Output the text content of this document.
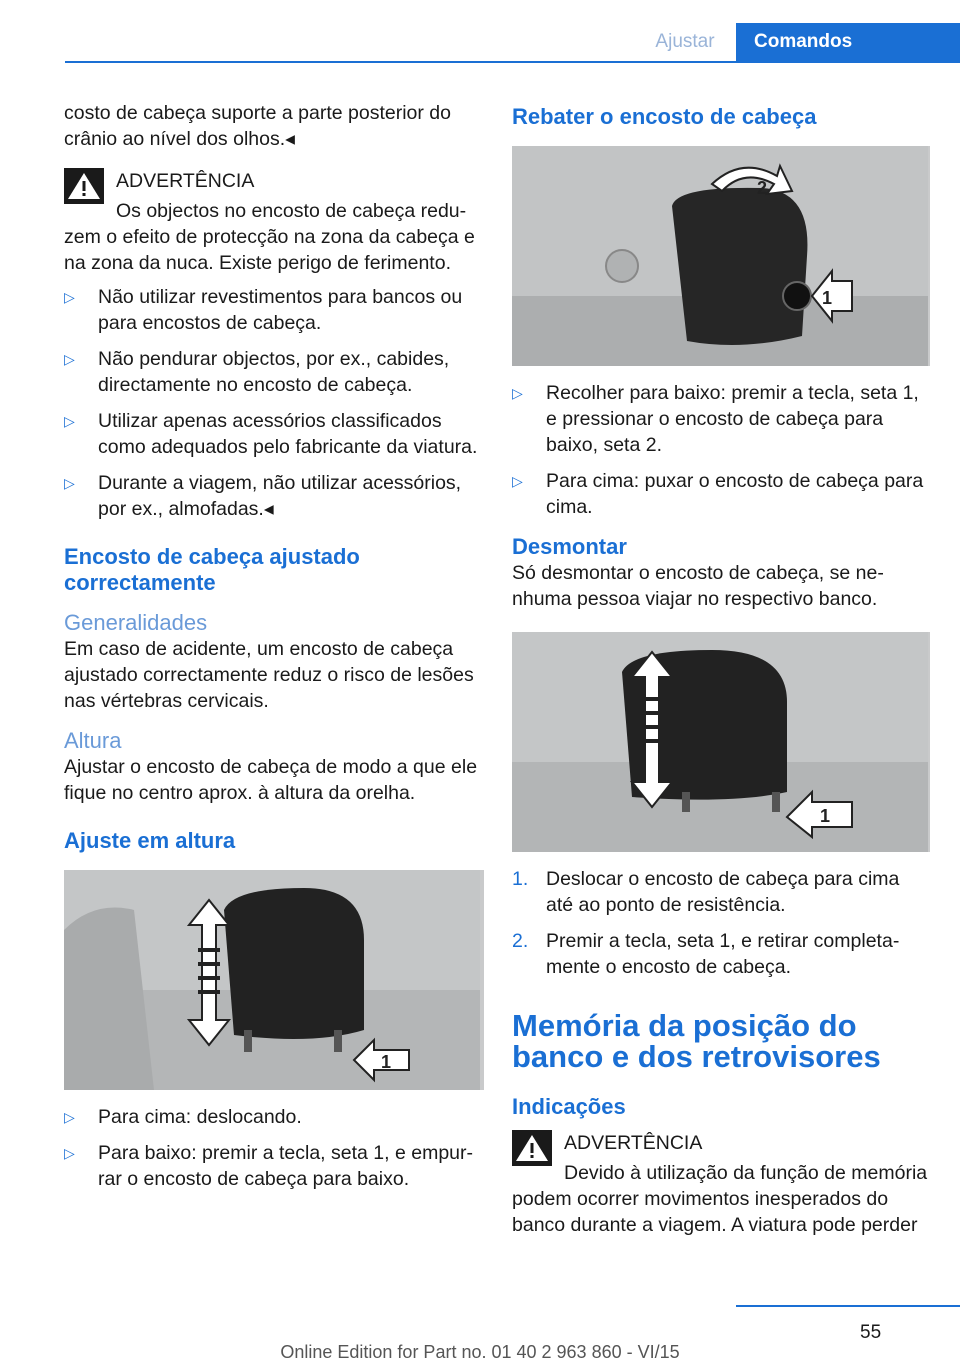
Ajustar	Comandos

costo de cabeça suporte a parte posterior do crânio ao nível dos olhos.◂

ADVERTÊNCIA

Os objectos no encosto de cabeça reduzem o efeito de protecção na zona da cabeça e na zona da nuca. Existe perigo de ferimento.

▷ Não utilizar revestimentos para bancos ou para encostos de cabeça.
▷ Não pendurar objectos, por ex., cabides, directamente no encosto de cabeça.
▷ Utilizar apenas acessórios classificados como adequados pelo fabricante da viatura.
▷ Durante a viagem, não utilizar acessórios, por ex., almofadas.◂
Encosto de cabeça ajustado correctamente
Generalidades

Em caso de acidente, um encosto de cabeça ajustado correctamente reduz o risco de lesões nas vértebras cervicais.

Altura

Ajustar o encosto de cabeça de modo a que ele fique no centro aprox. à altura da orelha.

Ajuste em altura
1
▷ Para cima: deslocando.
▷ Para baixo: premir a tecla, seta 1, e empurrar o encosto de cabeça para baixo.
Rebater o encosto de cabeça
2
1
▷ Recolher para baixo: premir a tecla, seta 1, e pressionar o encosto de cabeça para baixo, seta 2.
▷ Para cima: puxar o encosto de cabeça para cima.
Desmontar

Só desmontar o encosto de cabeça, se nenhuma pessoa viajar no respectivo banco.

1
1. Deslocar o encosto de cabeça para cima até ao ponto de resistência.
2. Premir a tecla, seta 1, e retirar completamente o encosto de cabeça.
Memória da posição do banco e dos retrovisores
Indicações
ADVERTÊNCIA

Devido à utilização da função de memória podem ocorrer movimentos inesperados do banco durante a viagem. A viatura pode perder

55
Online Edition for Part no. 01 40 2 963 860 - VI/15
